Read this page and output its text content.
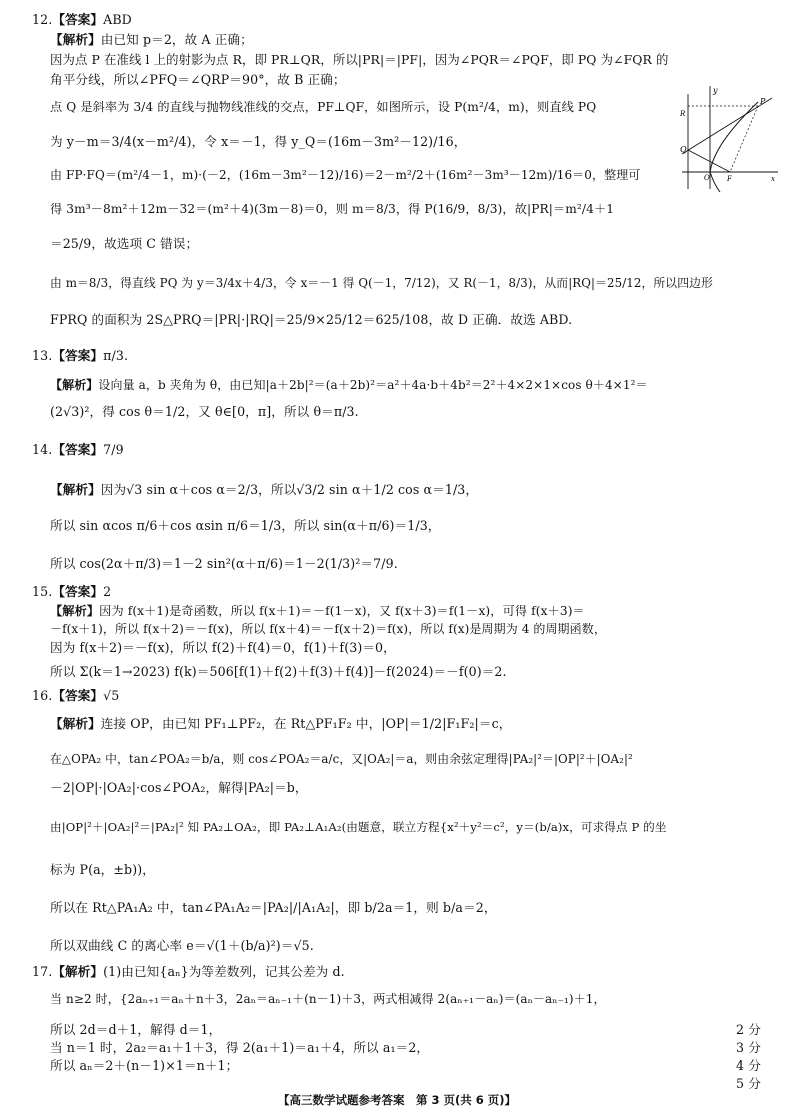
12.【答案】ABD
【解析】由已知 p＝2，故 A 正确；
因为点 P 在准线 l 上的射影为点 R，即 PR⊥QR，所以|PR|＝|PF|，因为∠PQR＝∠PQF，即 PQ 为∠FQR 的
角平分线，所以∠PFQ＝∠QRP＝90°，故 B 正确；
点 Q 是斜率为 3/4 的直线与抛物线准线的交点，PF⊥QF，如图所示，设 P(m²/4，m)，则直线 PQ
为 y－m＝3/4(x－m²/4)，令 x＝－1，得 y_Q＝(16m－3m²－12)/16，
由 FP·FQ＝(m²/4－1，m)·(－2，(16m－3m²－12)/16)＝2－m²/2＋(16m²－3m³－12m)/16＝0，整理可
得 3m³－8m²＋12m－32＝(m²＋4)(3m－8)＝0，则 m＝8/3，得 P(16/9，8/3)，故|PR|＝m²/4＋1
＝25/9，故选项 C 错误；
由 m＝8/3，得直线 PQ 为 y＝3/4x＋4/3，令 x＝－1 得 Q(－1，7/12)，又 R(－1，8/3)，从而|RQ|＝25/12，所以四边形
FPRQ 的面积为 2S△PRQ＝|PR|·|RQ|＝25/9×25/12＝625/108，故 D 正确．故选 ABD.
y
R
P
Q
O F	x
13.【答案】π/3.
【解析】设向量 a，b 夹角为 θ，由已知|a＋2b|²＝(a＋2b)²＝a²＋4a·b＋4b²＝2²＋4×2×1×cos θ＋4×1²＝
(2√3)²，得 cos θ＝1/2，又 θ∈[0，π]，所以 θ＝π/3.
14.【答案】7/9
【解析】因为√3 sin α＋cos α＝2/3，所以√3/2 sin α＋1/2 cos α＝1/3，
所以 sin αcos π/6＋cos αsin π/6＝1/3，所以 sin(α＋π/6)＝1/3，
所以 cos(2α＋π/3)＝1－2 sin²(α＋π/6)＝1－2(1/3)²＝7/9.
15.【答案】2
【解析】因为 f(x＋1)是奇函数，所以 f(x＋1)＝－f(1－x)，又 f(x＋3)＝f(1－x)，可得 f(x＋3)＝
－f(x＋1)，所以 f(x＋2)＝－f(x)，所以 f(x＋4)＝－f(x＋2)＝f(x)，所以 f(x)是周期为 4 的周期函数，
因为 f(x＋2)＝－f(x)，所以 f(2)＋f(4)＝0，f(1)＋f(3)＝0，
所以 Σ(k＝1→2023) f(k)＝506[f(1)＋f(2)＋f(3)＋f(4)]－f(2024)＝－f(0)＝2.
16.【答案】√5
【解析】连接 OP，由已知 PF₁⊥PF₂，在 Rt△PF₁F₂ 中，|OP|＝1/2|F₁F₂|＝c，
在△OPA₂ 中，tan∠POA₂＝b/a，则 cos∠POA₂＝a/c，又|OA₂|＝a，则由余弦定理得|PA₂|²＝|OP|²＋|OA₂|²
－2|OP|·|OA₂|·cos∠POA₂，解得|PA₂|＝b，
由|OP|²＋|OA₂|²＝|PA₂|² 知 PA₂⊥OA₂，即 PA₂⊥A₁A₂(由题意，联立方程{x²＋y²＝c²，y＝(b/a)x，可求得点 P 的坐
标为 P(a，±b))，
所以在 Rt△PA₁A₂ 中，tan∠PA₁A₂＝|PA₂|/|A₁A₂|，即 b/2a＝1，则 b/a＝2，
所以双曲线 C 的离心率 e＝√(1＋(b/a)²)＝√5.
17.【解析】(1)由已知{aₙ}为等差数列，记其公差为 d.
当 n≥2 时，{2aₙ₊₁＝aₙ＋n＋3，2aₙ＝aₙ₋₁＋(n－1)＋3，两式相减得 2(aₙ₊₁－aₙ)＝(aₙ－aₙ₋₁)＋1，
所以 2d＝d＋1，解得 d＝1，
当 n＝1 时，2a₂＝a₁＋1＋3，得 2(a₁＋1)＝a₁＋4，所以 a₁＝2，
所以 aₙ＝2＋(n－1)×1＝n＋1；
2 分
3 分
4 分
5 分
【高三数学试题参考答案　第 3 页(共 6 页)】
